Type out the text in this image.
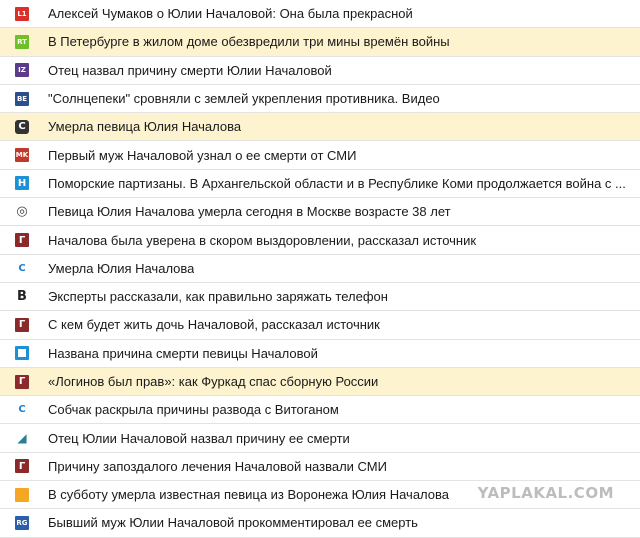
L1 Алексей Чумаков о Юлии Началовой: Она была прекрасной
RT В Петербурге в жилом доме обезвредили три мины времён войны
IZ Отец назвал причину смерти Юлии Началовой
ВЕ "Солнцепеки" сровняли с землей укрепления противника. Видео
C Умерла певица Юлия Началова
MK Первый муж Началовой узнал о ее смерти от СМИ
H Поморские партизаны. В Архангельской области и в Республике Коми продолжается война с ...
◎ Певица Юлия Началова умерла сегодня в Москве возрасте 38 лет
Г Началова была уверена в скором выздоровлении, рассказал источник
C Умерла Юлия Началова
B Эксперты рассказали, как правильно заряжать телефон
Г С кем будет жить дочь Началовой, рассказал источник
Названа причина смерти певицы Началовой
Г «Логинов был прав»: как Фуркад спас сборную России
C Собчак раскрыла причины развода с Витоганом
◢ Отец Юлии Началовой назвал причину ее смерти
Г Причину запоздалого лечения Началовой назвали СМИ
В субботу умерла известная певица из Воронежа Юлия Началова
RG Бывший муж Юлии Началовой прокомментировал ее смерть
YAPLAKAL.COM
